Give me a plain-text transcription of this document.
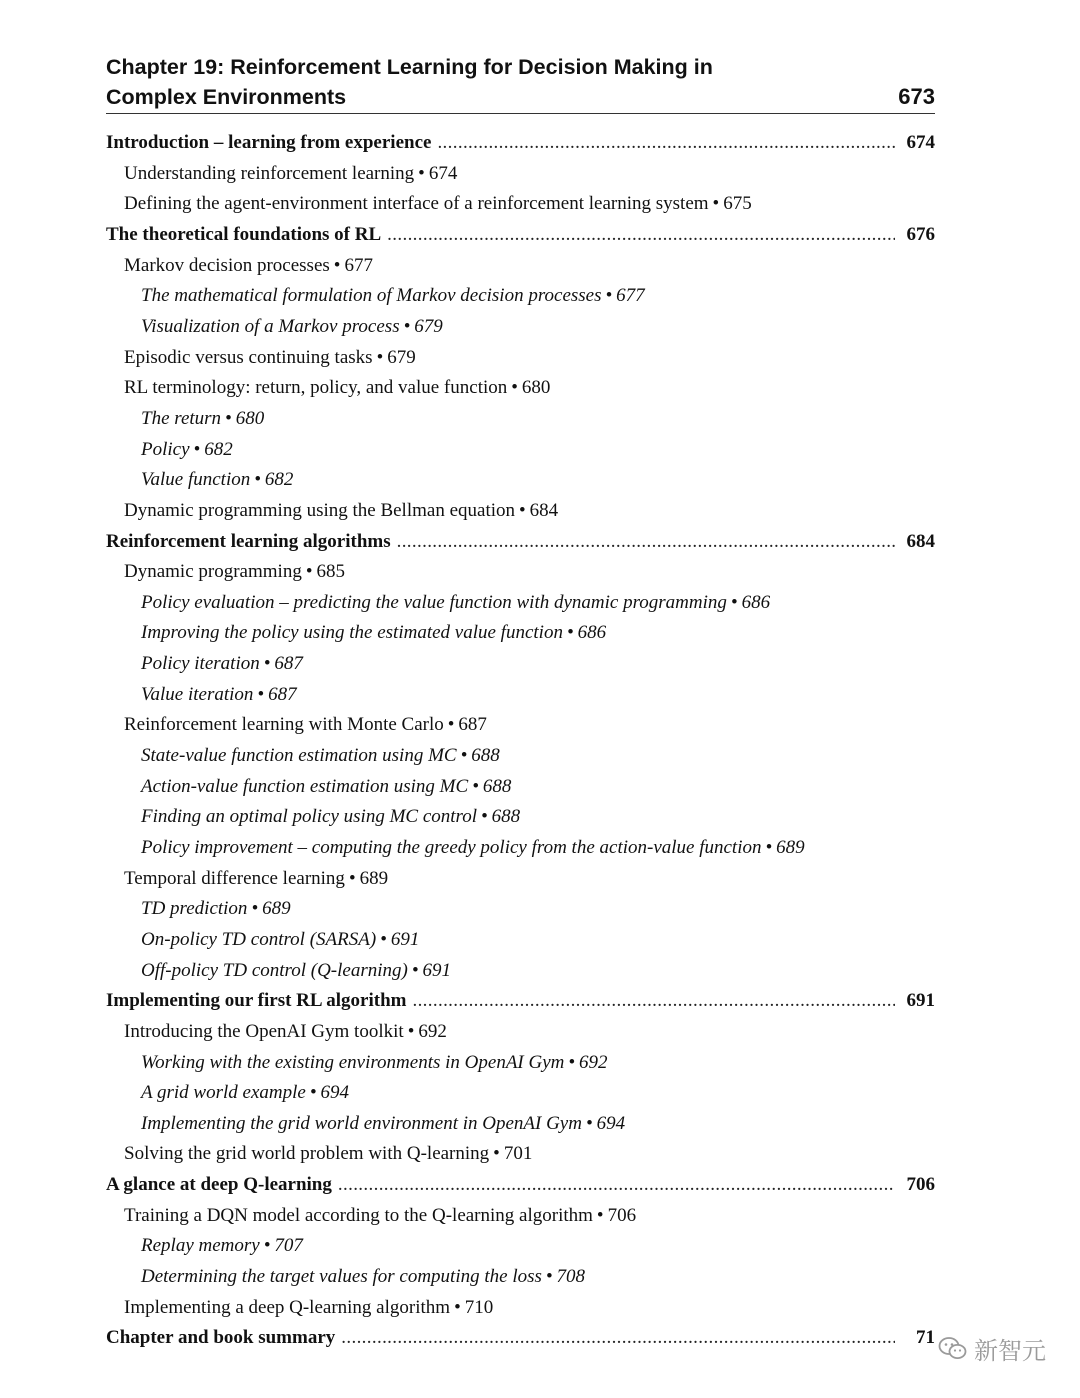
Chapter 19: Reinforcement Learning for Decision Making in
Complex Environments	673
Introduction – learning from experience . . .	674
Understanding reinforcement learning • 674
Defining the agent-environment interface of a reinforcement learning system • 675
The theoretical foundations of RL . . .	676
Markov decision processes • 677
The mathematical formulation of Markov decision processes • 677
Visualization of a Markov process • 679
Episodic versus continuing tasks • 679
RL terminology: return, policy, and value function • 680
The return • 680
Policy • 682
Value function • 682
Dynamic programming using the Bellman equation • 684
Reinforcement learning algorithms . . .	684
Dynamic programming • 685
Policy evaluation – predicting the value function with dynamic programming • 686
Improving the policy using the estimated value function • 686
Policy iteration • 687
Value iteration • 687
Reinforcement learning with Monte Carlo • 687
State-value function estimation using MC • 688
Action-value function estimation using MC • 688
Finding an optimal policy using MC control • 688
Policy improvement – computing the greedy policy from the action-value function • 689
Temporal difference learning • 689
TD prediction • 689
On-policy TD control (SARSA) • 691
Off-policy TD control (Q-learning) • 691
Implementing our first RL algorithm . . .	691
Introducing the OpenAI Gym toolkit • 692
Working with the existing environments in OpenAI Gym • 692
A grid world example • 694
Implementing the grid world environment in OpenAI Gym • 694
Solving the grid world problem with Q-learning • 701
A glance at deep Q-learning . . .	706
Training a DQN model according to the Q-learning algorithm • 706
Replay memory • 707
Determining the target values for computing the loss • 708
Implementing a deep Q-learning algorithm • 710
Chapter and book summary . . .	71 新智元
